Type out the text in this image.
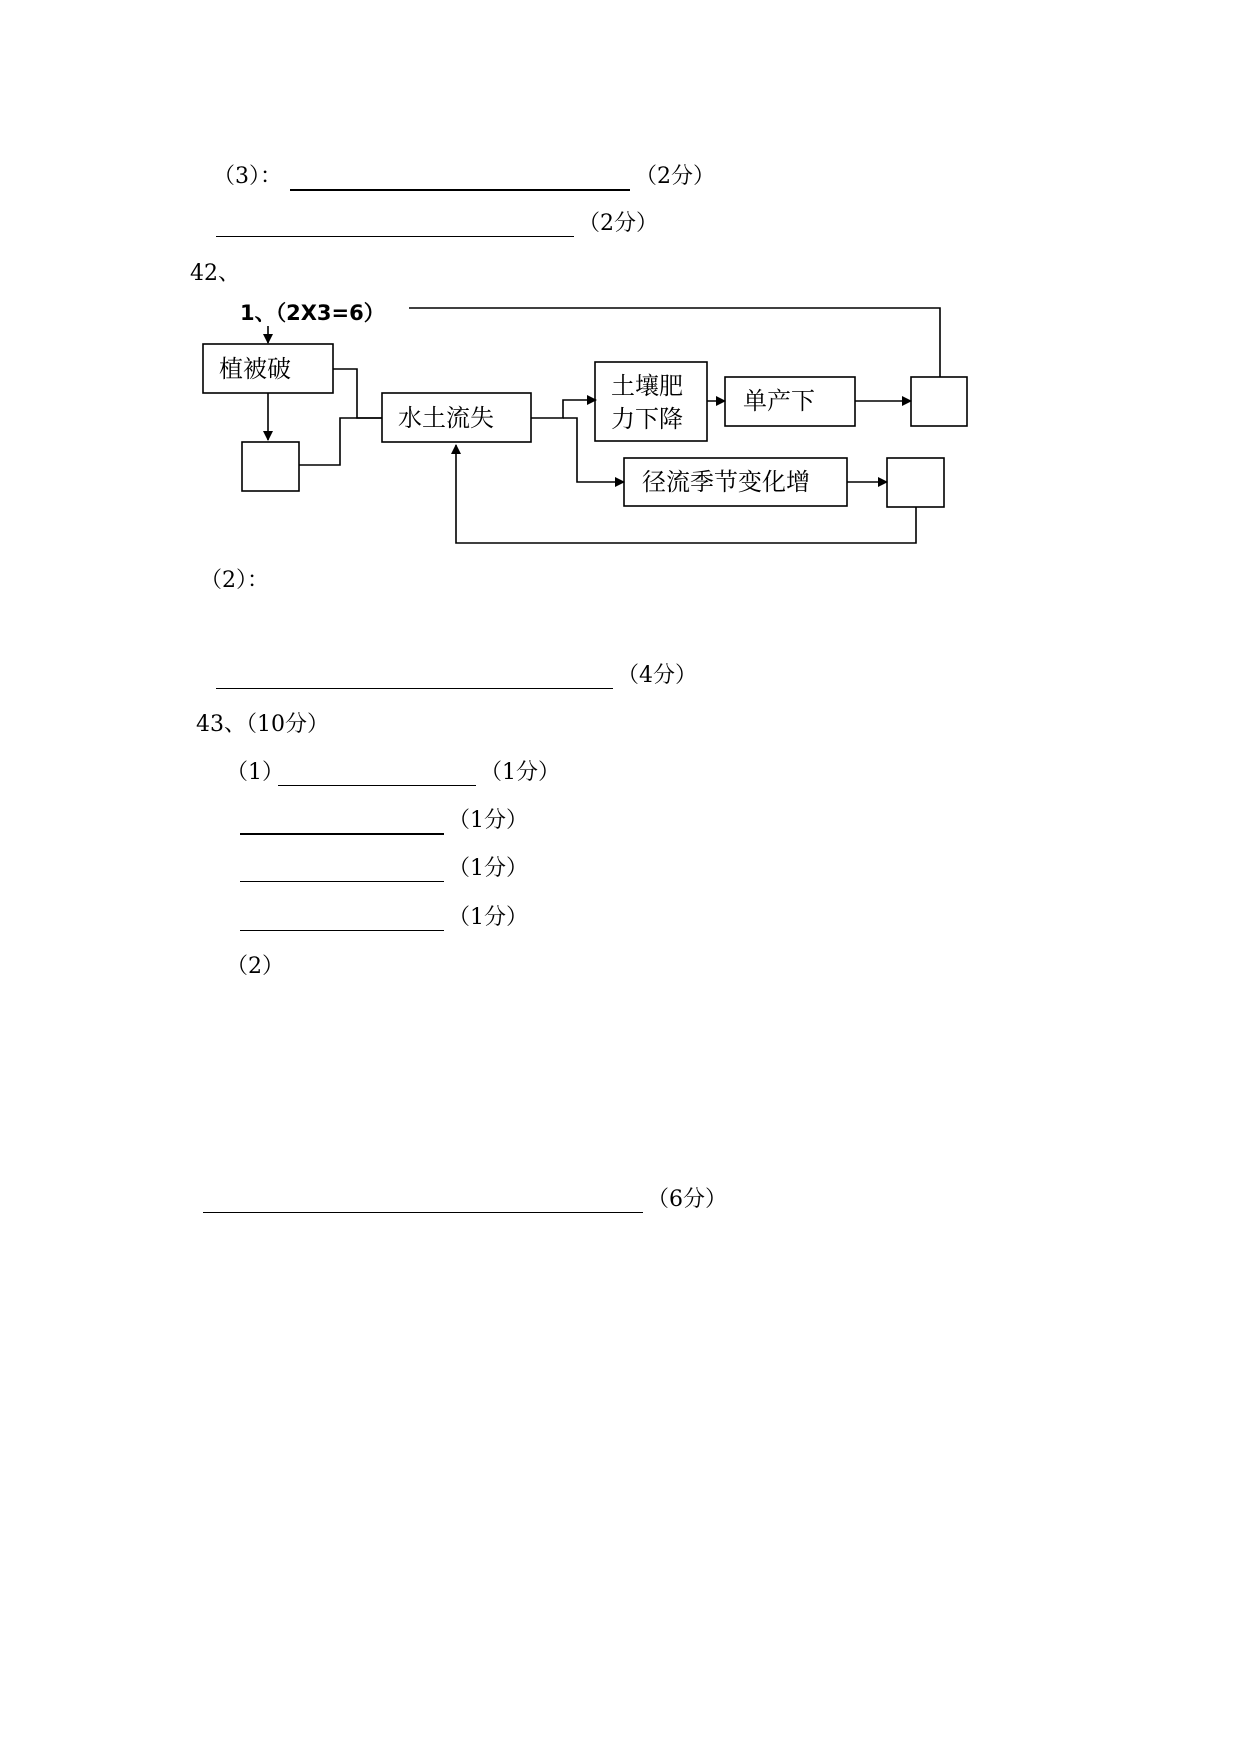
（3）：	（2分）
（2分）
42、
1、（2X3=6）
植被破
水土流失
土壤肥
力下降
单产下
径流季节变化增
（2）：
（4分）
43、（10分）
（1）	（1分）
（1分）
（1分）
（1分）
（2）
（6分）
